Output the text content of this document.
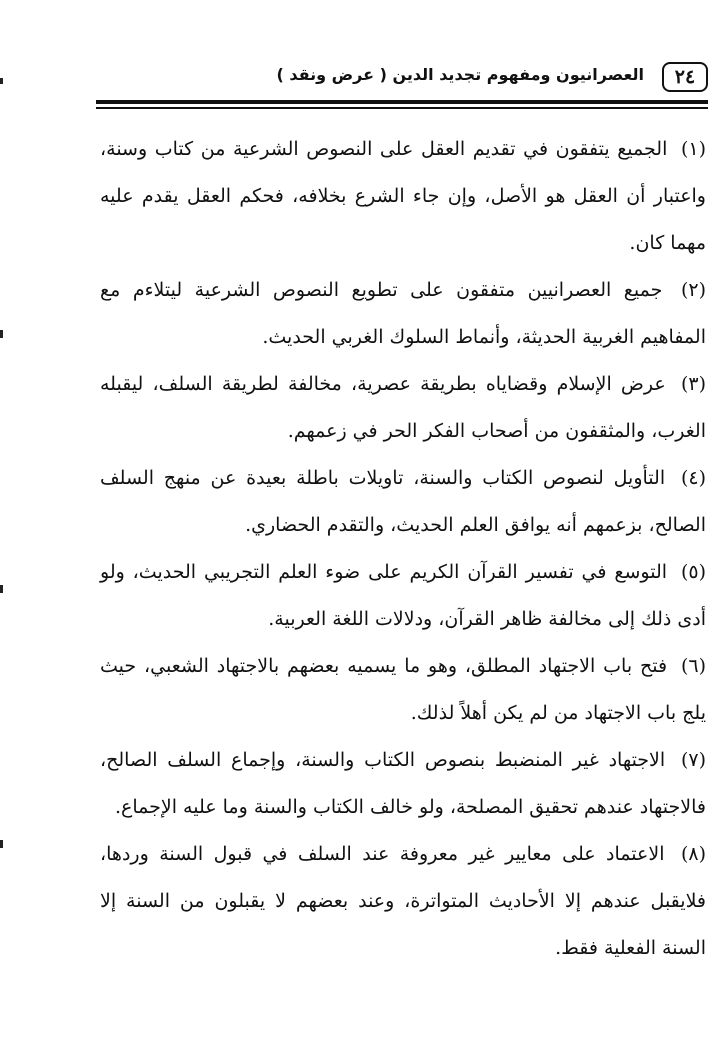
٢٤
العصرانيون ومفهوم تجديد الدين ( عرض ونقد )

(١) الجميع يتفقون في تقديم العقل على النصوص الشرعية من كتاب وسنة، واعتبار أن العقل هو الأصل، وإن جاء الشرع بخلافه، فحكم العقل يقدم عليه مهما كان.

(٢) جميع العصرانيين متفقون على تطويع النصوص الشرعية ليتلاءم مع المفاهيم الغربية الحديثة، وأنماط السلوك الغربي الحديث.

(٣) عرض الإسلام وقضاياه بطريقة عصرية، مخالفة لطريقة السلف، ليقبله الغرب، والمثقفون من أصحاب الفكر الحر في زعمهم.

(٤) التأويل لنصوص الكتاب والسنة، تاويلات باطلة بعيدة عن منهج السلف الصالح، بزعمهم أنه يوافق العلم الحديث، والتقدم الحضاري.

(٥) التوسع في تفسير القرآن الكريم على ضوء العلم التجريبي الحديث، ولو أدى ذلك إلى مخالفة ظاهر القرآن، ودلالات اللغة العربية.

(٦) فتح باب الاجتهاد المطلق، وهو ما يسميه بعضهم بالاجتهاد الشعبي، حيث يلج باب الاجتهاد من لم يكن أهلاً لذلك.

(٧) الاجتهاد غير المنضبط بنصوص الكتاب والسنة، وإجماع السلف الصالح، فالاجتهاد عندهم تحقيق المصلحة، ولو خالف الكتاب والسنة وما عليه الإجماع.

(٨) الاعتماد على معايير غير معروفة عند السلف في قبول السنة وردها، فلايقبل عندهم إلا الأحاديث المتواترة، وعند بعضهم لا يقبلون من السنة إلا السنة الفعلية فقط.
